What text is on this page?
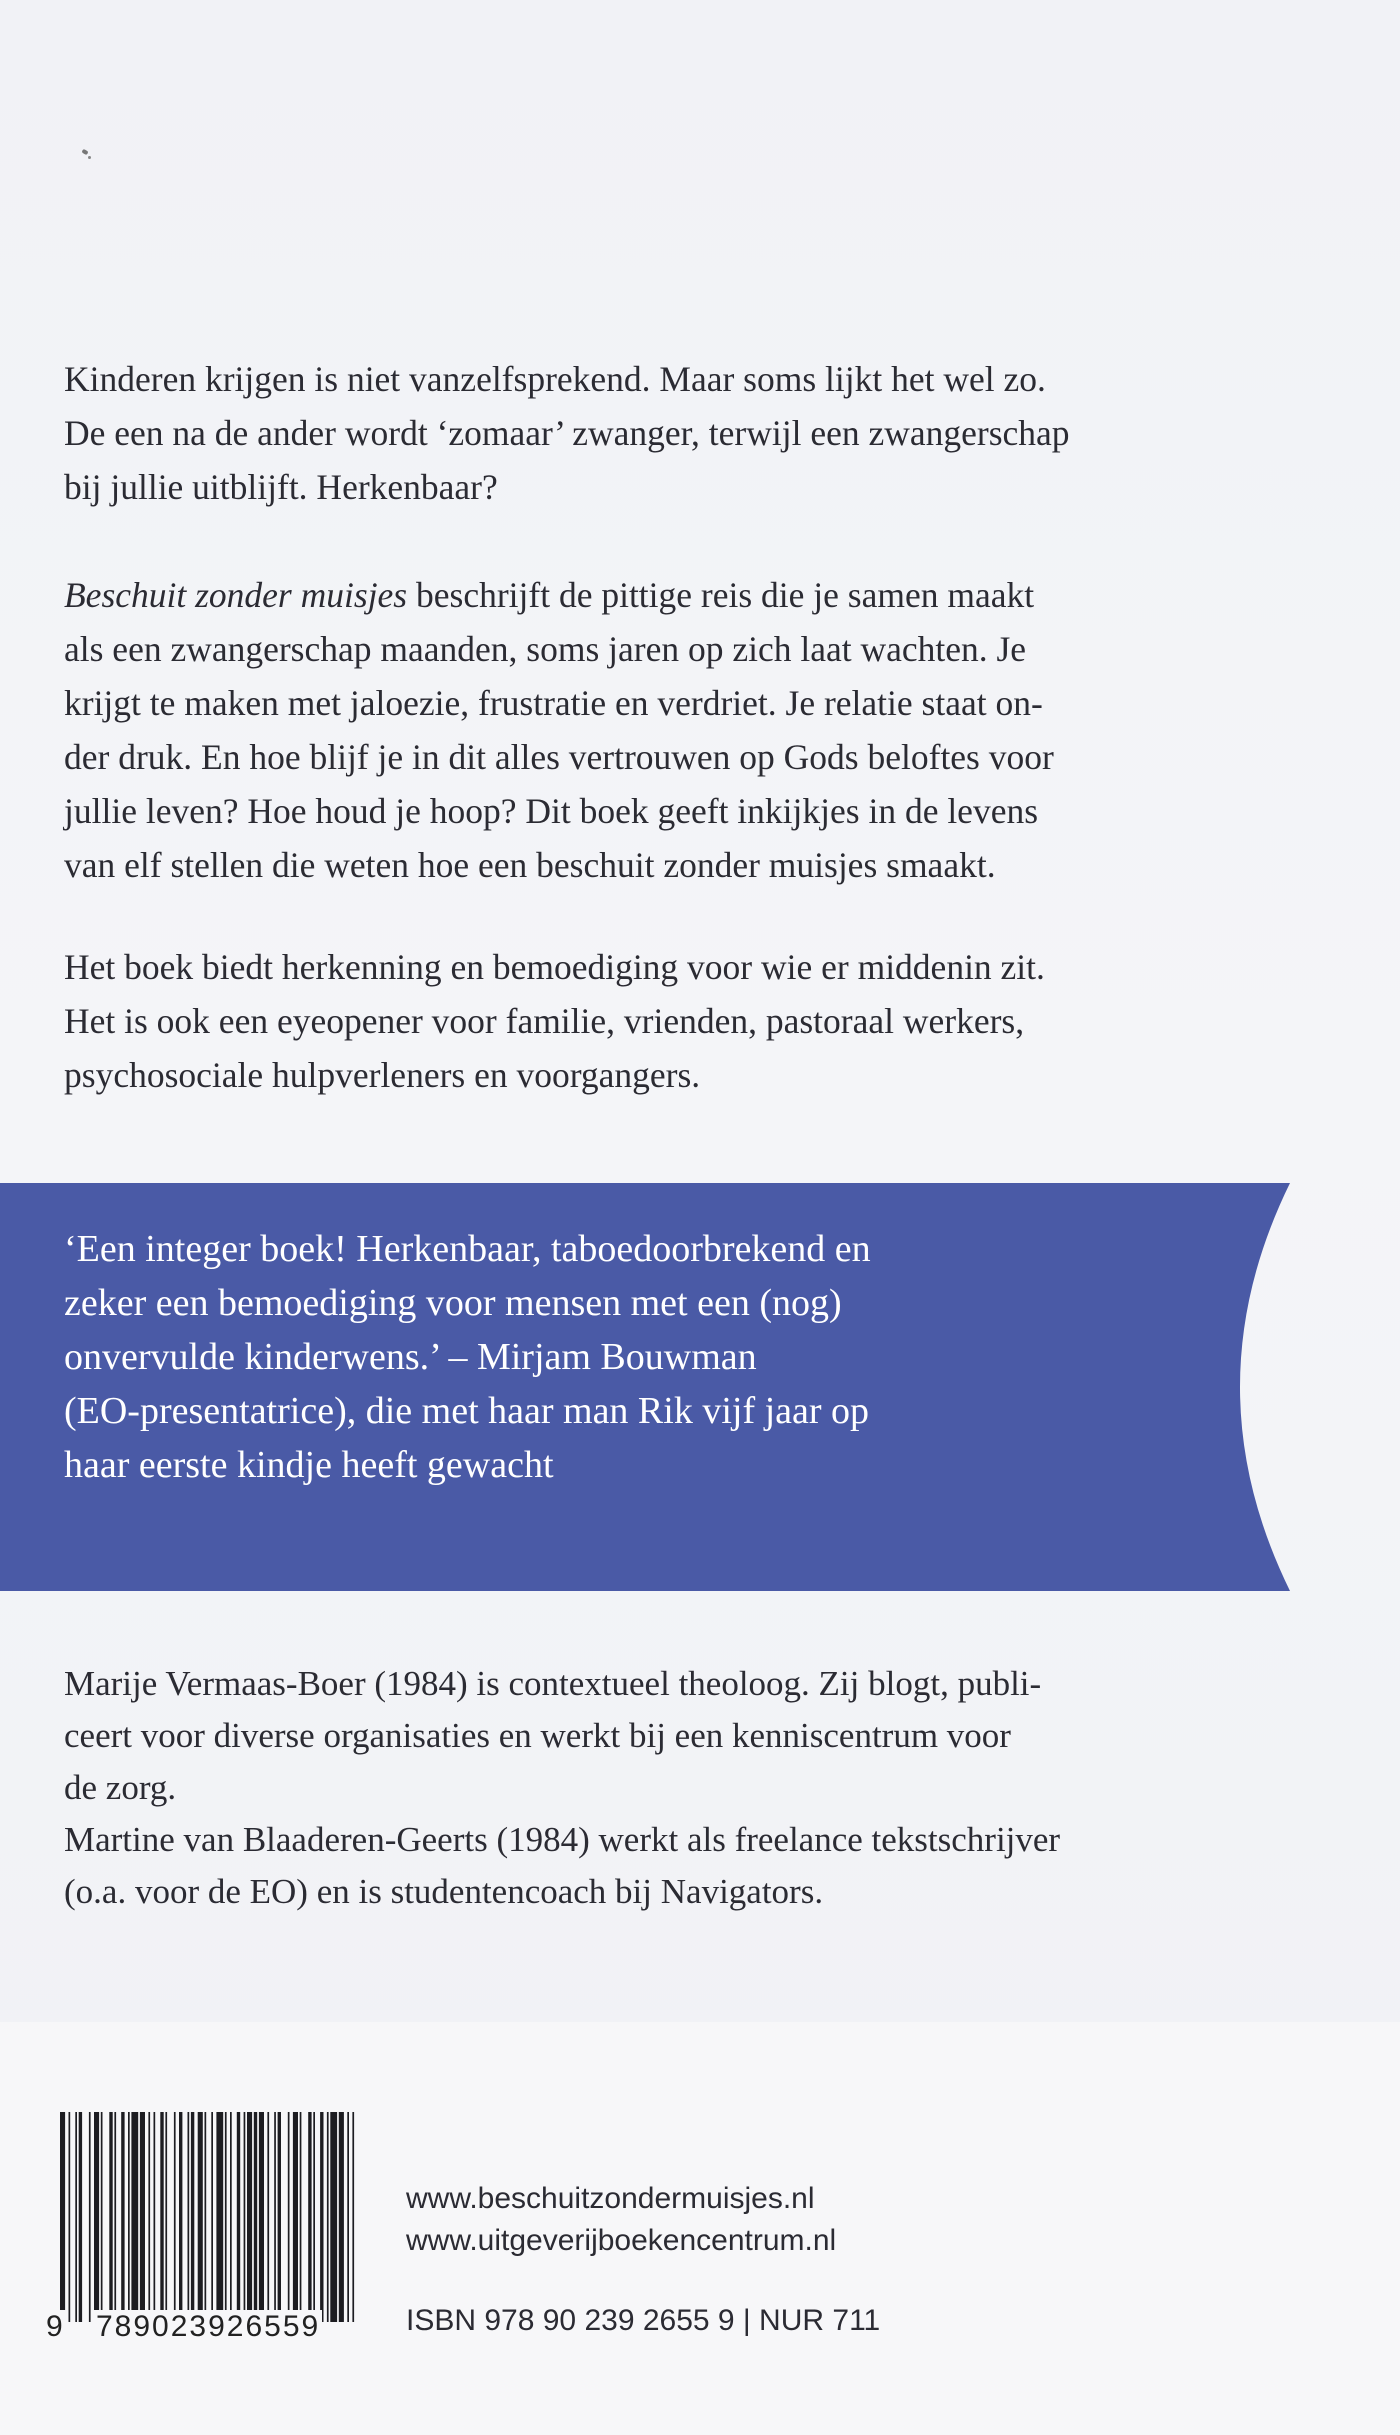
Kinderen krijgen is niet vanzelfsprekend. Maar soms lijkt het wel zo.

De een na de ander wordt ‘zomaar’ zwanger, terwijl een zwangerschap

bij jullie uitblijft. Herkenbaar?

Beschuit zonder muisjes beschrijft de pittige reis die je samen maakt

als een zwangerschap maanden, soms jaren op zich laat wachten. Je

krijgt te maken met jaloezie, frustratie en verdriet. Je relatie staat on-

der druk. En hoe blijf je in dit alles vertrouwen op Gods beloftes voor

jullie leven? Hoe houd je hoop? Dit boek geeft inkijkjes in de levens

van elf stellen die weten hoe een beschuit zonder muisjes smaakt.

Het boek biedt herkenning en bemoediging voor wie er middenin zit.

Het is ook een eyeopener voor familie, vrienden, pastoraal werkers,

psychosociale hulpverleners en voorgangers.

‘Een integer boek! Herkenbaar, taboedoorbrekend en

zeker een bemoediging voor mensen met een (nog)

onvervulde kinderwens.’ – Mirjam Bouwman

(EO-presentatrice), die met haar man Rik vijf jaar op

haar eerste kindje heeft gewacht

Marije Vermaas-Boer (1984) is contextueel theoloog. Zij blogt, publi-

ceert voor diverse organisaties en werkt bij een kenniscentrum voor

de zorg.

Martine van Blaaderen-Geerts (1984) werkt als freelance tekstschrijver

(o.a. voor de EO) en is studentencoach bij Navigators.

9 789023926559
www.beschuitzondermuisjes.nl
www.uitgeverijboekencentrum.nl
ISBN 978 90 239 2655 9 | NUR 711
